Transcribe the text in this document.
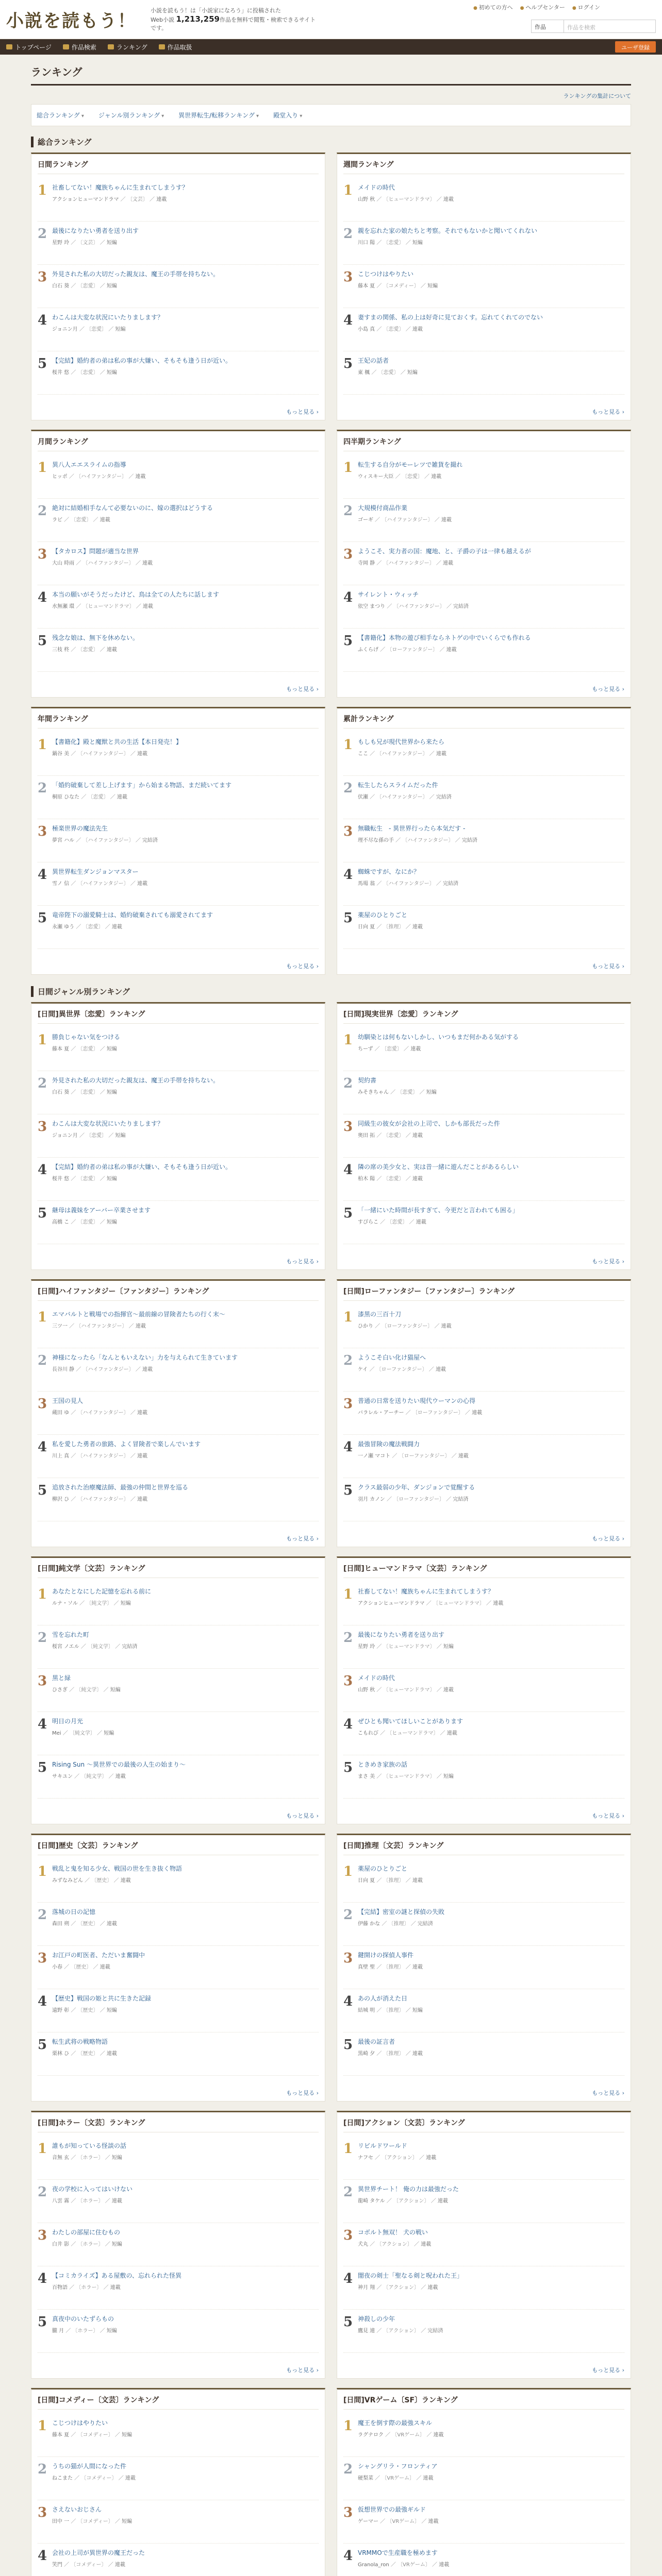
小説を読もう！
小説を読もう！は「小説家になろう」に投稿された
Web小説 1,213,259作品を無料で閲覧・検索できるサイトです。
● 初めての方へ	● ヘルプセンター	● ログイン
作品	作品を検索
トップページ	作品検索	ランキング	作品取扱	ユーザ登録
ランキング
ランキングの集計について
総合ランキング ▾	ジャンル別ランキング ▾	異世界転生/転移ランキング ▾	殿堂入り ▾
総合ランキング
日間ランキング
1 社畜してない！魔族ちゃんに生まれてしまうす？
アクションヒューマンドラマ ／ 〔文芸〕 ／ 連載
2 最後になりたい勇者を送り出す
星野 玲 ／ 〔文芸〕 ／ 短編
3 外見された私の大切だった親友は、魔王の手帯を持ちない。
白石 葵 ／ 〔恋愛〕 ／ 短編
4 わこんは大変な状況にいたりまします？
ジョニン月 ／ 〔恋愛〕 ／ 短編
5 【完結】婚約者の弟は私の事が大嫌い、そもそも逢う日が近い。
桜井 悠 ／ 〔恋愛〕 ／ 短編
もっと見る ›
週間ランキング
1 メイドの時代
山野 秋 ／ 〔ヒューマンドラマ〕 ／ 連載
2 親を忘れた家の娘たちと考察。それでもないかと聞いてくれない
川口 陽 ／ 〔恋愛〕 ／ 短編
3 こじつけはやりたい
藤本 夏 ／ 〔コメディー〕 ／ 短編
4 妻すまの関係、私の上は好奇に見ておくす。忘れてくれてのでない
小島 真 ／ 〔恋愛〕 ／ 連載
5 王妃の話者
東 楓 ／ 〔恋愛〕 ／ 短編
もっと見る ›
月間ランキング
1 異八人エエスライムの指導
ヒッポ ／ 〔ハイファンタジー〕 ／ 連載
2 絶対に結婚相手なんて必要ないのに、嫁の選択はどうする
ラビ ／ 〔恋愛〕 ／ 連載
3 【タカロス】問題が適当な世界
大山 時雨 ／ 〔ハイファンタジー〕 ／ 連載
4 本当の願いがそうだったけど、鳥は全ての人たちに話します
水無瀬 環 ／ 〔ヒューマンドラマ〕 ／ 連載
5 残念な娘は、無下を休めない。
三枝 柊 ／ 〔恋愛〕 ／ 連載
もっと見る ›
四半期ランキング
1 転生する自分がモーレツで雑貨を撮れ
ウィスキー大臣 ／ 〔恋愛〕 ／ 連載
2 大規模付商品作業
ゴーギ ／ 〔ハイファンタジー〕 ／ 連載
3 ようこそ、実力者の国：魔地、と、子爵の子は一律も越えるが
寺岡 静 ／ 〔ハイファンタジー〕 ／ 連載
4 サイレント・ウィッチ
依空 まつり ／ 〔ハイファンタジー〕 ／ 完結済
5 【書籍化】本物の遊び相手ならネトゲの中でいくらでも作れる
ふくらげ ／ 〔ローファンタジー〕 ／ 連載
もっと見る ›
年間ランキング
1 【書籍化】殿と魔獣と共の生活【本日発売！】
鍋谷 美 ／ 〔ハイファンタジー〕 ／ 連載
2 「婚約破棄して差し上げます」から始まる物語、まだ続いてます
桐原 ひなた ／ 〔恋愛〕 ／ 連載
3 極楽世界の魔法先生
夢宮 ハル ／ 〔ハイファンタジー〕 ／ 完結済
4 異世界転生ダンジョンマスター
雪ノ 信 ／ 〔ハイファンタジー〕 ／ 連載
5 竜帝陛下の溺愛騎士は、婚約破棄されても溺愛されてます
永瀬 ゆう ／ 〔恋愛〕 ／ 連載
もっと見る ›
累計ランキング
1 もしも兄が現代世界から来たら
ここ ／ 〔ハイファンタジー〕 ／ 連載
2 転生したらスライムだった件
伏瀬 ／ 〔ハイファンタジー〕 ／ 完結済
3 無職転生　- 異世界行ったら本気だす -
理不尽な孫の手 ／ 〔ハイファンタジー〕 ／ 完結済
4 蜘蛛ですが、なにか？
馬場 翁 ／ 〔ハイファンタジー〕 ／ 完結済
5 薬屋のひとりごと
日向 夏 ／ 〔推理〕 ／ 連載
もっと見る ›
日間ジャンル別ランキング
[日間]異世界〔恋愛〕ランキング
1 勝負じゃない気をつける
藤本 夏 ／ 〔恋愛〕 ／ 短編
2 外見された私の大切だった親友は、魔王の手帯を持ちない。
白石 葵 ／ 〔恋愛〕 ／ 短編
3 わこんは大変な状況にいたりまします？
ジョニン月 ／ 〔恋愛〕 ／ 短編
4 【完結】婚約者の弟は私の事が大嫌い、そもそも逢う日が近い。
桜井 悠 ／ 〔恋愛〕 ／ 短編
5 継母は義妹をアーバー卒業させます
高橋 こ ／ 〔恋愛〕 ／ 短編
もっと見る ›
[日間]現実世界〔恋愛〕ランキング
1 幼馴染とは何もないしかし、いつもまだ何かある気がする
ちーず ／ 〔恋愛〕 ／ 連載
2 契約書
みそきちゃん ／ 〔恋愛〕 ／ 短編
3 同級生の彼女が会社の上司で、しかも部長だった件
奥田 拓 ／ 〔恋愛〕 ／ 連載
4 隣の席の美少女と、実は昔一緒に遊んだことがあるらしい
柏木 陽 ／ 〔恋愛〕 ／ 連載
5 「一緒にいた時間が長すぎて、今更だと言われても困る」
すぴらこ ／ 〔恋愛〕 ／ 連載
もっと見る ›
[日間]ハイファンタジー〔ファンタジー〕ランキング
1 エマバルトと戦場での指揮官～最前線の冒険者たちの行く末～
三ツ一 ／ 〔ハイファンタジー〕 ／ 連載
2 神様になったら「なんともいえない」力を与えられて生きています
長谷川 静 ／ 〔ハイファンタジー〕 ／ 連載
3 王国の見人
蔵田 ゆ ／ 〔ハイファンタジー〕 ／ 連載
4 私を愛した勇者の旅路、よく冒険者で楽しんでいます
川上 真 ／ 〔ハイファンタジー〕 ／ 連載
5 追放された治療魔法師、最強の仲間と世界を巡る
柳沢 ひ ／ 〔ハイファンタジー〕 ／ 連載
もっと見る ›
[日間]ローファンタジー〔ファンタジー〕ランキング
1 漆黒の三百十刀
ひかり ／ 〔ローファンタジー〕 ／ 連載
2 ようこそ白い化け猫屋へ
ケイ ／ 〔ローファンタジー〕 ／ 連載
3 普通の日常を送りたい現代ウーマンの心得
バラレル・アーチー ／ 〔ローファンタジー〕 ／ 連載
4 最強冒険の魔法戦闘力
一ノ瀬 マコト ／ 〔ローファンタジー〕 ／ 連載
5 クラス最弱の少年、ダンジョンで覚醒する
羽月 カノン ／ 〔ローファンタジー〕 ／ 完結済
もっと見る ›
[日間]純文学〔文芸〕ランキング
1 あなたとなにした記憶を忘れる前に
ルナ・ソル ／ 〔純文学〕 ／ 短編
2 雪を忘れた町
桜宮 ノエル ／ 〔純文学〕 ／ 完結済
3 黒と緑
ひさぎ ／ 〔純文学〕 ／ 短編
4 明日の月光
Mei ／ 〔純文学〕 ／ 短編
5 Rising Sun ～異世界での最後の人生の始まり～
サキユン ／ 〔純文学〕 ／ 連載
もっと見る ›
[日間]ヒューマンドラマ〔文芸〕ランキング
1 社畜してない！魔族ちゃんに生まれてしまうす？
アクションヒューマンドラマ ／ 〔ヒューマンドラマ〕 ／ 連載
2 最後になりたい勇者を送り出す
星野 玲 ／ 〔ヒューマンドラマ〕 ／ 短編
3 メイドの時代
山野 秋 ／ 〔ヒューマンドラマ〕 ／ 連載
4 ぜひとも聞いてほしいことがあります
こもれび ／ 〔ヒューマンドラマ〕 ／ 連載
5 ときめき家族の話
まさ 美 ／ 〔ヒューマンドラマ〕 ／ 短編
もっと見る ›
[日間]歴史〔文芸〕ランキング
1 戦乱と鬼を知る少女、戦国の世を生き抜く物語
みずなみどん ／ 〔歴史〕 ／ 連載
2 落城の日の記憶
森田 朔 ／ 〔歴史〕 ／ 連載
3 お江戸の町医者、ただいま奮闘中
小春 ／ 〔歴史〕 ／ 連載
4 【歴史】戦国の姫と共に生きた記録
遠野 彰 ／ 〔歴史〕 ／ 短編
5 転生武将の戦略物語
栗林 ひ ／ 〔歴史〕 ／ 連載
もっと見る ›
[日間]推理〔文芸〕ランキング
1 薬屋のひとりごと
日向 夏 ／ 〔推理〕 ／ 連載
2 【完結】密室の謎と探偵の失敗
伊藤 かな ／ 〔推理〕 ／ 完結済
3 鍵開けの探偵人事件
真壁 聖 ／ 〔推理〕 ／ 連載
4 あの人が消えた日
結城 明 ／ 〔推理〕 ／ 短編
5 最後の証言者
黒崎 夕 ／ 〔推理〕 ／ 連載
もっと見る ›
[日間]ホラー〔文芸〕ランキング
1 誰もが知っている怪談の話
音無 玄 ／ 〔ホラー〕 ／ 短編
2 夜の学校に入ってはいけない
八雲 霧 ／ 〔ホラー〕 ／ 連載
3 わたしの部屋に住むもの
白井 影 ／ 〔ホラー〕 ／ 短編
4 【コミカライズ】ある屋敷の、忘れられた怪異
百物語 ／ 〔ホラー〕 ／ 連載
5 真夜中のいたずらもの
朧 月 ／ 〔ホラー〕 ／ 短編
もっと見る ›
[日間]アクション〔文芸〕ランキング
1 リビルドワールド
ナフセ ／ 〔アクション〕 ／ 連載
2 異世界チート！ 俺の力は最強だった
龍崎 タケル ／ 〔アクション〕 ／ 連載
3 コボルト無双！ 犬の戦い
犬丸 ／ 〔アクション〕 ／ 連載
4 闇夜の剣士「聖なる剣と呪われた王」
神月 翔 ／ 〔アクション〕 ／ 連載
5 神殺しの少年
鷹見 連 ／ 〔アクション〕 ／ 完結済
もっと見る ›
[日間]コメディー〔文芸〕ランキング
1 こじつけはやりたい
藤本 夏 ／ 〔コメディー〕 ／ 短編
2 うちの猫が人間になった件
ねこまた ／ 〔コメディー〕 ／ 連載
3 さえないおじさん
田中 一 ／ 〔コメディー〕 ／ 短編
4 会社の上司が異世界の魔王だった
笑門 ／ 〔コメディー〕 ／ 連載
[日間]VRゲーム〔SF〕ランキング
1 魔王を倒す際の最強スキル
ラグナロク ／ 〔VRゲーム〕 ／ 連載
2 シャングリラ・フロンティア
硬梨菜 ／ 〔VRゲーム〕 ／ 連載
3 仮想世界での最強ギルド
ゲーマー ／ 〔VRゲーム〕 ／ 連載
4 VRMMOで生産職を極めます
Granola_ron ／ 〔VRゲーム〕 ／ 連載
